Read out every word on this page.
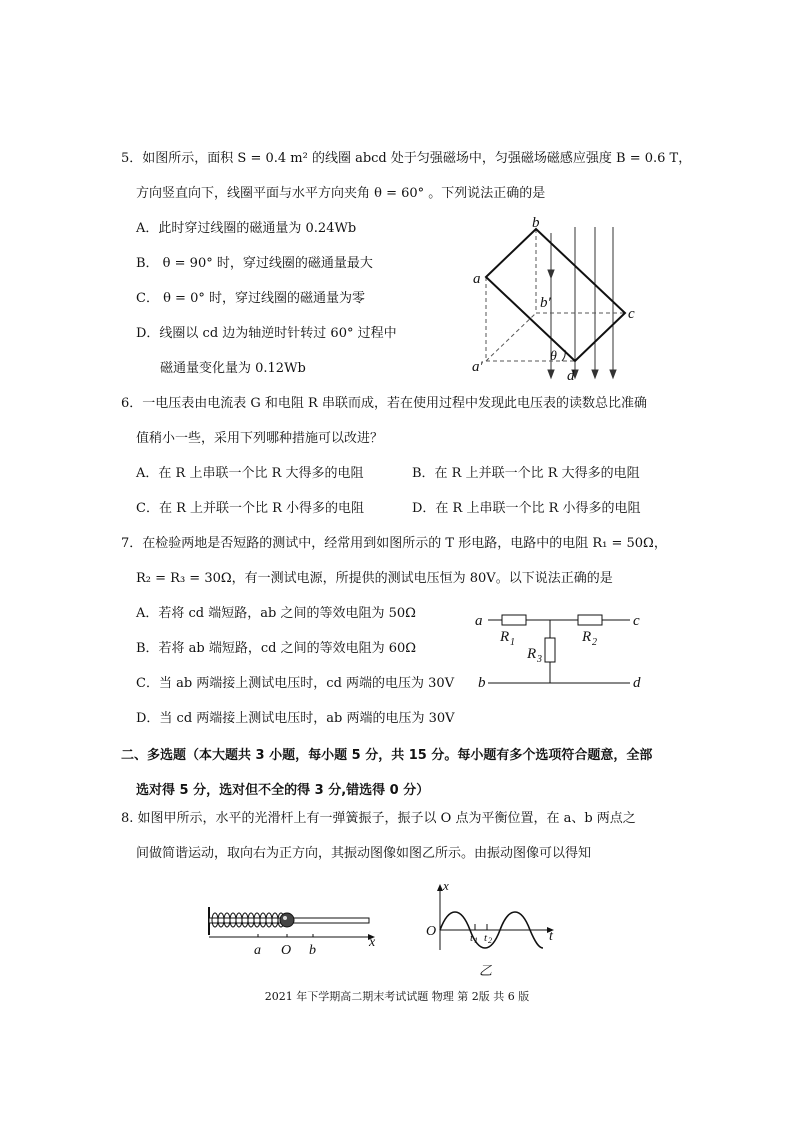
5．如图所示，面积 S = 0.4 m² 的线圈 abcd 处于匀强磁场中，匀强磁场磁感应强度 B = 0.6 T，
方向竖直向下，线圈平面与水平方向夹角 θ = 60° 。下列说法正确的是
A．此时穿过线圈的磁通量为 0.24Wb
B． θ = 90° 时，穿过线圈的磁通量最大
C． θ = 0° 时，穿过线圈的磁通量为零
D．线圈以 cd 边为轴逆时针转过 60° 过程中
磁通量变化量为 0.12Wb
a
b
c
d
a′
b′
θ
6．一电压表由电流表 G 和电阻 R 串联而成，若在使用过程中发现此电压表的读数总比准确
值稍小一些，采用下列哪种措施可以改进？
A．在 R 上串联一个比 R 大得多的电阻	B．在 R 上并联一个比 R 大得多的电阻
C．在 R 上并联一个比 R 小得多的电阻	D．在 R 上串联一个比 R 小得多的电阻
7．在检验两地是否短路的测试中，经常用到如图所示的 T 形电路，电路中的电阻 R₁ = 50Ω，
R₂ = R₃ = 30Ω，有一测试电源，所提供的测试电压恒为 80V。以下说法正确的是
A．若将 cd 端短路，ab 之间的等效电阻为 50Ω
B．若将 ab 端短路，cd 之间的等效电阻为 60Ω
C．当 ab 两端接上测试电压时，cd 两端的电压为 30V
D．当 cd 两端接上测试电压时，ab 两端的电压为 30V
a	c
b	d
R 1	R 2
R 3
二、多选题（本大题共 3 小题，每小题 5 分，共 15 分。每小题有多个选项符合题意，全部
选对得 5 分，选对但不全的得 3 分,错选得 0 分）
8. 如图甲所示，水平的光滑杆上有一弹簧振子，振子以 O 点为平衡位置，在 a、b 两点之
间做简谐运动，取向右为正方向，其振动图像如图乙所示。由振动图像可以得知
a O b
x
x
O	t
t 1 t 2
乙
2021 年下学期高二期末考试试题 物理 第 2版 共 6 版
